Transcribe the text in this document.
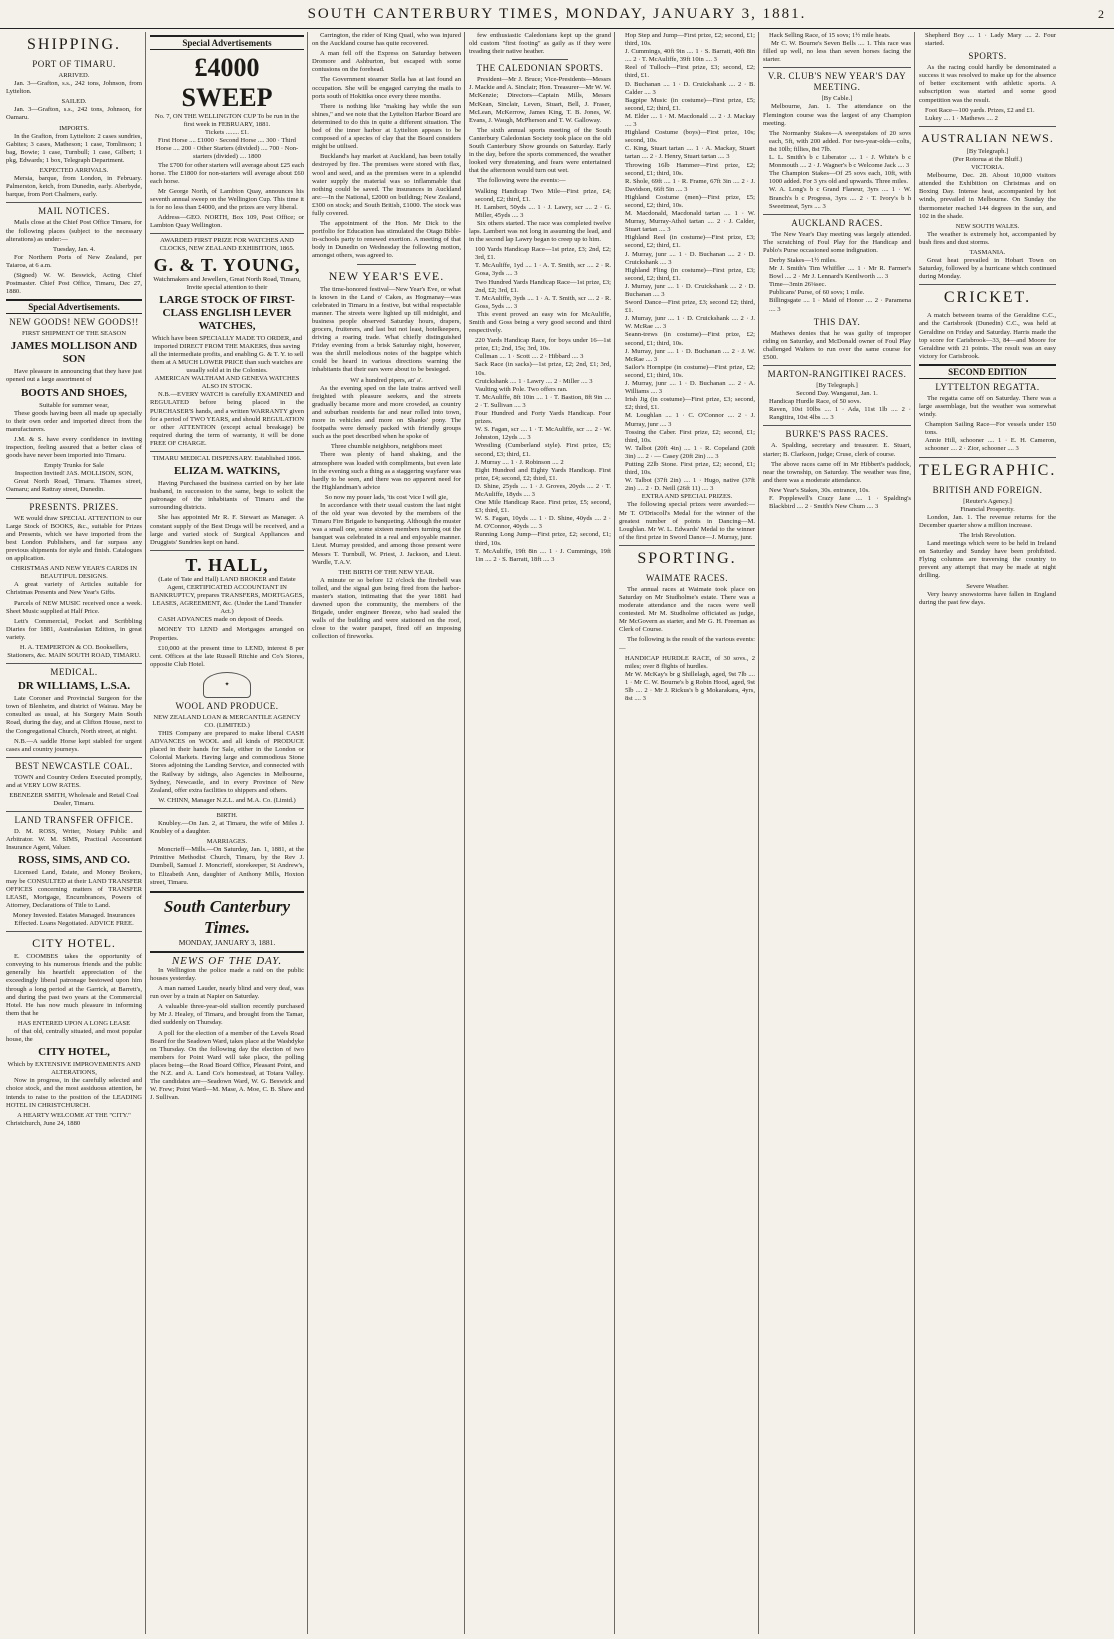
SOUTH CANTERBURY TIMES, MONDAY, JANUARY 3, 1881.	2
SHIPPING.
PORT OF TIMARU.
ARRIVED.

Jan. 3—Grafton, s.s., 242 tons, Johnson, from Lyttelton.

SAILED.

Jan. 3—Grafton, s.s., 242 tons, Johnson, for Oamaru.

IMPORTS.

In the Grafton, from Lyttelton: 2 cases sundries, Gabites; 3 cases, Matheson; 1 case, Tomlinson; 1 bag, Bowie; 1 case, Turnbull; 1 case, Gilbert; 1 pkg, Edwards; 1 box, Telegraph Department.

EXPECTED ARRIVALS.

Mersia, barque, from London, in February. Palmerston, ketch, from Dunedin, early. Aberbyde, barque, from Port Chalmers, early.

MAIL NOTICES.

Mails close at the Chief Post Office Timaru, for the following places (subject to the necessary alterations) as under:—

Tuesday, Jan. 4.

For Northern Ports of New Zealand, per Taiaroa, at 6 a.m.

(Signed) W. W. Beswick, Acting Chief Postmaster. Chief Post Office, Timaru, Dec 27, 1880.

Special Advertisements.
NEW GOODS! NEW GOODS!!
FIRST SHIPMENT OF THE SEASON
JAMES MOLLISON AND SON

Have pleasure in announcing that they have just opened out a large assortment of

BOOTS AND SHOES,
Suitable for summer wear,

These goods having been all made up specially to their own order and imported direct from the manufacturers.

J.M. & S. have every confidence in inviting inspection, feeling assured that a better class of goods have never been imported into Timaru.

Empty Trunks for Sale
Inspection Invited! JAS. MOLLISON, SON,

Great North Road, Timaru. Thames street, Oamaru; and Rattray street, Dunedin.

PRESENTS. PRIZES.

WE would draw SPECIAL ATTENTION to our Large Stock of BOOKS, &c., suitable for Prizes and Presents, which we have imported from the best London Publishers, and far surpass any previous shipments for style and finish. Catalogues on application.

CHRISTMAS AND NEW YEAR'S CARDS IN BEAUTIFUL DESIGNS.

A great variety of Articles suitable for Christmas Presents and New Year's Gifts.

Parcels of NEW MUSIC received once a week. Sheet Music supplied at Half Price.

Lett's Commercial, Pocket and Scribbling Diaries for 1881, Australasian Edition, in great variety.

H. A. TEMPERTON & CO. Booksellers, Stationers, &c. MAIN SOUTH ROAD, TIMARU.
MEDICAL.
DR WILLIAMS, L.S.A.

Late Coroner and Provincial Surgeon for the town of Blenheim, and district of Wairau. May be consulted as usual, at his Surgery Main South Road, during the day, and at Clifton House, next to the Congregational Church, North street, at night.

N.B.—A saddle Horse kept stabled for urgent cases and country journeys.

BEST NEWCASTLE COAL.

TOWN and Country Orders Executed promptly, and at VERY LOW RATES.

EBENEZER SMITH, Wholesale and Retail Coal Dealer, Timaru.
LAND TRANSFER OFFICE.

D. M. ROSS, Writer, Notary Public and Arbitrator. W. M. SIMS, Practical Accountant Insurance Agent, Valuer.

ROSS, SIMS, AND CO.

Licensed Land, Estate, and Money Brokers, may be CONSULTED at their LAND TRANSFER OFFICES concerning matters of TRANSFER LEASE, Mortgage, Encumbrances, Powers of Attorney, Declarations of Title to Land.

Money Invested. Estates Managed. Insurances Effected. Loans Negotiated. ADVICE FREE.
CITY HOTEL.

E. COOMBES takes the opportunity of conveying to his numerous friends and the public generally his heartfelt appreciation of the exceedingly liberal patronage bestowed upon him through a long period at the Garrick, at Barrett's, and during the past two years at the Commercial Hotel. He has now much pleasure in informing them that he

HAS ENTERED UPON A LONG LEASE

of that old, centrally situated, and most popular house, the

CITY HOTEL,
Which by EXTENSIVE IMPROVEMENTS AND ALTERATIONS,

Now in progress, in the carefully selected and choice stock, and the most assiduous attention, he intends to raise to the position of the LEADING HOTEL IN CHRISTCHURCH.

A HEARTY WELCOME AT THE "CITY."
Christchurch, June 24, 1880
Special Advertisements
£4000 SWEEP
No. 7, ON THE WELLINGTON CUP To be run in the first week in FEBRUARY, 1881.
Tickets ........ £1.
First Horse .... £1000 · Second Horse .... 300 · Third Horse .... 200 · Other Starters (divided) .... 700 · Non-starters (divided) .... 1800

The £700 for other starters will average about £25 each horse. The £1800 for non-starters will average about £60 each horse.

Mr George North, of Lambton Quay, announces his seventh annual sweep on the Wellington Cup. This time it is for no less than £4000, and the prizes are very liberal.

Address—GEO. NORTH, Box 109, Post Office; or Lambton Quay Wellington.

AWARDED FIRST PRIZE FOR WATCHES AND CLOCKS, NEW ZEALAND EXHIBITION, 1865.
G. & T. YOUNG,
Watchmakers and Jewellers, Great North Road, Timaru, Invite special attention to their
LARGE STOCK OF FIRST-CLASS ENGLISH LEVER WATCHES,
Which have been SPECIALLY MADE TO ORDER, and imported DIRECT FROM THE MAKERS, thus saving all the intermediate profits, and enabling G. & T. Y. to sell them at A MUCH LOWER PRICE than such watches are usually sold at in the Colonies.
AMERICAN WALTHAM AND GENEVA WATCHES ALSO IN STOCK.

N.B.—EVERY WATCH is carefully EXAMINED and REGULATED before being placed in the PURCHASER'S hands, and a written WARRANTY given for a period of TWO YEARS, and should REGULATION or other ATTENTION (except actual breakage) be required during the term of warranty, it will be done FREE OF CHARGE.

TIMARU MEDICAL DISPENSARY. Established 1866.
ELIZA M. WATKINS,

Having Purchased the business carried on by her late husband, in succession to the same, begs to solicit the patronage of the inhabitants of Timaru and the surrounding districts.

She has appointed Mr R. F. Stewart as Manager. A constant supply of the Best Drugs will be received, and a large and varied stock of Surgical Appliances and Druggists' Sundries kept on hand.

T. HALL,
(Late of Tate and Hall) LAND BROKER and Estate Agent, CERTIFICATED ACCOUNTANT IN BANKRUPTCY, prepares TRANSFERS, MORTGAGES, LEASES, AGREEMENT, &c. (Under the Land Transfer Act.)

CASH ADVANCES made on deposit of Deeds.

MONEY TO LEND and Mortgages arranged on Properties.

£10,000 at the present time to LEND, interest 8 per cent. Offices at the late Russell Ritchie and Co's Stores, opposite Club Hotel.

✦
WOOL AND PRODUCE.
NEW ZEALAND LOAN & MERCANTILE AGENCY CO. (LIMITED.)

THIS Company are prepared to make liberal CASH ADVANCES on WOOL and all kinds of PRODUCE placed in their hands for Sale, either in the London or Colonial Markets. Having large and commodious Stone Stores adjoining the Landing Service, and connected with the Railway by sidings, also Agencies in Melbourne, Sydney, Newcastle, and in every Province of New Zealand, offer extra facilities to shippers and others.

W. CHINN, Manager N.Z.L. and M.A. Co. (Limtd.)
BIRTH.

Knubley.—On Jan. 2, at Timaru, the wife of Miles J. Knubley of a daughter.

MARRIAGES.

Moncrieff—Mills.—On Saturday, Jan. 1, 1881, at the Primitive Methodist Church, Timaru, by the Rev J. Dumbell, Samuel J. Moncrieff, storekeeper, St Andrew's, to Elizabeth Ann, daughter of Anthony Mills, Hoxton street, Timaru.

South Canterbury Times.
MONDAY, JANUARY 3, 1881.
NEWS OF THE DAY.

In Wellington the police made a raid on the public houses yesterday.

A man named Lauder, nearly blind and very deaf, was run over by a train at Napier on Saturday.

A valuable three-year-old stallion recently purchased by Mr J. Healey, of Timaru, and brought from the Tamar, died suddenly on Thursday.

A poll for the election of a member of the Levels Road Board for the Seadown Ward, takes place at the Washdyke on Thursday. On the following day the election of two members for Point Ward will take place, the polling places being—the Road Board Office, Pleasant Point, and the N.Z. and A. Land Co's homestead, at Totara Valley. The candidates are—Seadown Ward, W. G. Beswick and W. Frew; Point Ward—M. Mase, A. Moe, C. B. Shaw and J. Sullivan.

Carrington, the rider of King Quail, who was injured on the Auckland course has quite recovered.

A man fell off the Express on Saturday between Dromore and Ashburton, but escaped with some contusions on the forehead.

The Government steamer Stella has at last found an occupation. She will be engaged carrying the mails to ports south of Hokitika once every three months.

There is nothing like "making hay while the sun shines," and we note that the Lyttelton Harbor Board are determined to do this in quite a different situation. The bed of the inner harbor at Lyttelton appears to be composed of a species of clay that the Board considers might be utilised.

Buckland's hay market at Auckland, has been totally destroyed by fire. The premises were stored with flax, wool and seed, and as the premises were in a splendid water supply the material was so inflammable that nothing could be saved. The insurances in Auckland are:—In the National, £2000 on building; New Zealand, £300 on stock; and South British, £1000. The stock was fully covered.

The appointment of the Hon. Mr Dick to the portfolio for Education has stimulated the Otago Bible-in-schools party to renewed exertion. A meeting of that body in Dunedin on Wednesday the following motion, amongst others, was agreed to.

NEW YEAR'S EVE.

The time-honored festival—New Year's Eve, or what is known in the Land o' Cakes, as Hogmanay—was celebrated in Timaru in a festive, but withal respectable manner. The streets were lighted up till midnight, and business people observed Saturday hours, drapers, grocers, fruiterers, and last but not least, hotelkeepers, driving a roaring trade. What chiefly distinguished Friday evening from a brisk Saturday night, however, was the shrill melodious notes of the bagpipe which could be heard in various directions warning the inhabitants that their ears were about to be besieged.

Wi' a hundred pipers, an' a'.

As the evening sped on the late trains arrived well freighted with pleasure seekers, and the streets gradually became more and more crowded, as country and suburban residents far and near rolled into town, more in vehicles and more on Shanks' pony. The footpaths were densely packed with friendly groups such as the poet described when he spoke of

Three chumble neighbors, neighbors meet

There was plenty of hand shaking, and the atmosphere was loaded with compliments, but even late in the evening such a thing as a staggering wayfarer was hardly to be seen, and there was no apparent need for the Highlandman's advice

So now my pouer lads, 'tis cost 'vice I will gie,

In accordance with their usual custom the last night of the old year was devoted by the members of the Timaru Fire Brigade to banqueting. Although the muster was a small one, some sixteen members turning out the banquet was celebrated in a real and enjoyable manner. Lieut. Murray presided, and among those present were Messrs T. Turnbull, W. Priest, J. Jackson, and Lieut. Wardle, T.A.V.

THE BIRTH OF THE NEW YEAR.

A minute or so before 12 o'clock the firebell was tolled, and the signal gun being fired from the harbor-master's station, intimating that the year 1881 had dawned upon the community, the members of the Brigade, under engineer Breeze, who had sealed the walls of the building and were stationed on the roof, close to the water parapet, fired off an imposing collection of fireworks.

few enthusiastic Caledonians kept up the grand old custom "first footing" as gaily as if they were treading their native heather.

THE CALEDONIAN SPORTS.

President—Mr J. Bruce; Vice-Presidents—Messrs J. Mackie and A. Sinclair; Hon. Treasurer—Mr W. W. McKenzie; Directors—Captain Mills, Messrs McKean, Sinclair, Leven, Stuart, Bell, J. Fraser, McLean, McKerrow, James King, T. B. Jones, W. Evans, J. Waugh, McPherson and T. W. Galloway.

The sixth annual sports meeting of the South Canterbury Caledonian Society took place on the old South Canterbury Show grounds on Saturday. Early in the day, before the sports commenced, the weather looked very threatening, and fears were entertained that the afternoon would turn out wet.

The following were the events:—

Walking Handicap Two Mile—First prize, £4; second, £2; third, £1.

H. Lambert, 50yds .... 1 · J. Lawry, scr .... 2 · G. Miller, 45yds .... 3

Six others started. The race was completed twelve laps. Lambert was not long in assuming the lead, and in the second lap Lawry began to creep up to him.

100 Yards Handicap Race—1st prize, £3; 2nd, £2; 3rd, £1.

T. McAuliffe, 1yd .... 1 · A. T. Smith, scr .... 2 · R. Gosa, 3yds .... 3

Two Hundred Yards Handicap Race—1st prize, £3; 2nd, £2; 3rd, £1.

T. McAuliffe, 3yds .... 1 · A. T. Smith, scr .... 2 · R. Goss, 5yds .... 3

This event proved an easy win for McAuliffe, Smith and Goss being a very good second and third respectively.

220 Yards Handicap Race, for boys under 16—1st prize, £1; 2nd, 15s; 3rd, 10s.

Cullman .... 1 · Scott .... 2 · Hibbard .... 3

Sack Race (in sacks)—1st prize, £2; 2nd, £1; 3rd, 10s.

Cruickshank .... 1 · Lawry .... 2 · Miller .... 3

Vaulting with Pole. Two offers ran.

T. McAuliffe, 8ft 10in .... 1 · T. Bastion, 8ft 9in .... 2 · T. Sullivan .... 3

Four Hundred and Forty Yards Handicap. Four prizes.

W. S. Fagan, scr .... 1 · T. McAuliffe, scr .... 2 · W. Johnston, 12yds .... 3

Wrestling (Cumberland style). First prize, £5; second, £3; third, £1.

J. Murray .... 1 · J. Robinson .... 2

Eight Hundred and Eighty Yards Handicap. First prize, £4; second, £2; third, £1.

D. Shine, 25yds .... 1 · J. Groves, 20yds .... 2 · T. McAuliffe, 18yds .... 3

One Mile Handicap Race. First prize, £5; second, £3; third, £1.

W. S. Fagan, 10yds .... 1 · D. Shine, 40yds .... 2 · M. O'Connor, 40yds .... 3

Running Long Jump—First prize, £2; second, £1; third, 10s.

T. McAuliffe, 19ft 8in .... 1 · J. Cummings, 19ft 1in .... 2 · S. Barratt, 18ft .... 3

Hop Step and Jump—First prize, £2; second, £1; third, 10s.

J. Cummings, 40ft 9in .... 1 · S. Barratt, 40ft 8in .... 2 · T. McAuliffe, 39ft 10in .... 3

Reel of Tulloch—First prize, £3; second, £2; third, £1.

D. Buchanan .... 1 · D. Cruickshank .... 2 · B. Calder .... 3

Bagpipe Music (in costume)—First prize, £5; second, £2; third, £1.

M. Elder .... 1 · M. Macdonald .... 2 · J. Mackay .... 3

Highland Costume (boys)—First prize, 10s; second, 10s.

C. King, Stuart tartan .... 1 · A. Mackay, Stuart tartan .... 2 · J. Henry, Stuart tartan .... 3

Throwing 16lb Hammer—First prize, £2; second, £1; third, 10s.

R. Shole, 69ft .... 1 · R. Frame, 67ft 3in .... 2 · J. Davidson, 66ft 5in .... 3

Highland Costume (men)—First prize, £5; second, £2; third, 10s.

M. Macdonald, Macdonald tartan .... 1 · W. Murray, Murray-Athol tartan .... 2 · J. Calder, Stuart tartan .... 3

Highland Reel (in costume)—First prize, £3; second, £2; third, £1.

J. Murray, junr .... 1 · D. Buchanan .... 2 · D. Cruickshank .... 3

Highland Fling (in costume)—First prize, £3; second, £2; third, £1.

J. Murray, junr .... 1 · D. Cruickshank .... 2 · D. Buchanan .... 3

Sword Dance—First prize, £3; second £2; third, £1.

J. Murray, junr .... 1 · D. Cruickshank .... 2 · J. W. McRae .... 3

Seann-trews (in costume)—First prize, £2; second, £1; third, 10s.

J. Murray, junr .... 1 · D. Buchanan .... 2 · J. W. McRae .... 3

Sailor's Hornpipe (in costume)—First prize, £2; second, £1; third, 10s.

J. Murray, junr .... 1 · D. Buchanan .... 2 · A. Williams .... 3

Irish Jig (in costume)—First prize, £3; second, £2; third, £1.

M. Loughlan .... 1 · C. O'Connor .... 2 · J. Murray, junr .... 3

Tossing the Caber. First prize, £2; second, £1; third, 10s.

W. Talbot (20ft 4in) .... 1 · R. Copeland (20ft 3in) .... 2 · — Casey (20ft 2in) .... 3

Putting 22lb Stone. First prize, £2; second, £1; third, 10s.

W. Talbot (37ft 2in) .... 1 · Hugo, native (37ft 2in) .... 2 · D. Neill (26ft 11) .... 3

EXTRA AND SPECIAL PRIZES.

The following special prizes were awarded:— Mr T. O'Driscoll's Medal for the winner of the greatest number of points in Dancing—M. Loughlan. Mr W. L. Edwards' Medal to the winner of the first prize in Sword Dance—J. Murray, junr.

SPORTING.
WAIMATE RACES.

The annual races at Waimate took place on Saturday on Mr Studholme's estate. There was a moderate attendance and the races were well contested. Mr M. Studholme officiated as judge, Mr McGovern as starter, and Mr G. H. Freeman as Clerk of Course.

The following is the result of the various events:—

HANDICAP HURDLE RACE, of 30 sovs., 2 miles; over 8 flights of hurdles.

Mr W. McKay's br g Shillelagh, aged, 9st 7lb .... 1 · Mr C. W. Bourne's b g Robin Hood, aged, 9st 5lb .... 2 · Mr J. Rickus's b g Mokarakara, 4yrs, 8st .... 3

Hack Selling Race, of 15 sovs; 1½ mile heats.

Mr C. W. Bourne's Seven Bells .... 1. This race was filled up well, no less than seven horses facing the starter.

V.R. CLUB'S NEW YEAR'S DAY MEETING.
[By Cable.]

Melbourne, Jan. 1. The attendance on the Flemington course was the largest of any Champion meeting.

The Normanby Stakes—A sweepstakes of 20 sovs each, 5ft, with 200 added. For two-year-olds—colts, 8st 10lb; fillies, 8st 7lb.

L. L. Smith's b c Liberator .... 1 · J. White's b c Monmouth .... 2 · J. Wagner's b c Welcome Jack .... 3

The Champion Stakes—Of 25 sovs each, 10ft, with 1000 added. For 3 yrs old and upwards. Three miles.

W. A. Long's b c Grand Flaneur, 3yrs .... 1 · W. Branch's b c Progress, 3yrs .... 2 · T. Ivory's b h Sweetmeat, 5yrs .... 3

AUCKLAND RACES.

The New Year's Day meeting was largely attended. The scratching of Foul Play for the Handicap and Pablo's Purse occasioned some indignation.

Derby Stakes—1½ miles.

Mr J. Smith's Tim Whiffler .... 1 · Mr R. Farmer's Bowl .... 2 · Mr J. Lennard's Kenilworth .... 3

Time—3min 26⅛sec.

Publicans' Purse, of 60 sovs; 1 mile.

Billingsgate .... 1 · Maid of Honor .... 2 · Paramena .... 3

THIS DAY.

Mathews denies that he was guilty of improper riding on Saturday, and McDonald owner of Foul Play challenged Walters to run over the same course for £500.

MARTON-RANGITIKEI RACES.
[By Telegraph.]
Second Day. Wanganui, Jan. 1.

Handicap Hurdle Race, of 50 sovs.

Raven, 10st 10lbs .... 1 · Ada, 11st 1lb .... 2 · Rangitira, 10st 4lbs .... 3

BURKE'S PASS RACES.

A. Spalding, secretary and treasurer. E. Stuart, starter; B. Clarkson, judge; Cruse, clerk of course.

The above races came off in Mr Hibbert's paddock, near the township, on Saturday. The weather was fine, and there was a moderate attendance.

New Year's Stakes, 30s. entrance, 10s.

F. Popplewell's Crazy Jane .... 1 · Spalding's Blackbird .... 2 · Smith's New Chum .... 3

Shepherd Boy .... 1 · Lady Mary .... 2. Four started.

SPORTS.

As the racing could hardly be denominated a success it was resolved to make up for the absence of better excitement with athletic sports. A subscription was started and some good competition was the result.

Foot Race—100 yards. Prizes, £2 and £1.

Lukey .... 1 · Mathews .... 2

AUSTRALIAN NEWS.
[By Telegraph.]
(Per Rotorua at the Bluff.)
VICTORIA.

Melbourne, Dec. 28. About 10,000 visitors attended the Exhibition on Christmas and on Boxing Day. Intense heat, accompanied by hot winds, prevailed in Melbourne. On Sunday the thermometer reached 144 degrees in the sun, and 102 in the shade.

NEW SOUTH WALES.

The weather is extremely hot, accompanied by bush fires and dust storms.

TASMANIA.

Great heat prevailed in Hobart Town on Saturday, followed by a hurricane which continued during Monday.

CRICKET.

A match between teams of the Geraldine C.C., and the Carisbrook (Dunedin) C.C., was held at Geraldine on Friday and Saturday. Harris made the top score for Carisbrook—33, 84—and Moore for Geraldine with 21 points. The result was an easy victory for Carisbrook.

SECOND EDITION
LYTTELTON REGATTA.

The regatta came off on Saturday. There was a large assemblage, but the weather was somewhat windy.

Champion Sailing Race—For vessels under 150 tons.

Annie Hill, schooner .... 1 · E. H. Cameron, schooner .... 2 · Zior, schooner .... 3

TELEGRAPHIC.
BRITISH AND FOREIGN.
[Reuter's Agency.]
Financial Prosperity.

London, Jan. 1. The revenue returns for the December quarter show a million increase.

The Irish Revolution.

Land meetings which were to be held in Ireland on Saturday and Sunday have been prohibited. Flying columns are traversing the country to prevent any attempt that may be made at night drilling.

Severe Weather.

Very heavy snowstorms have fallen in England during the past few days.
